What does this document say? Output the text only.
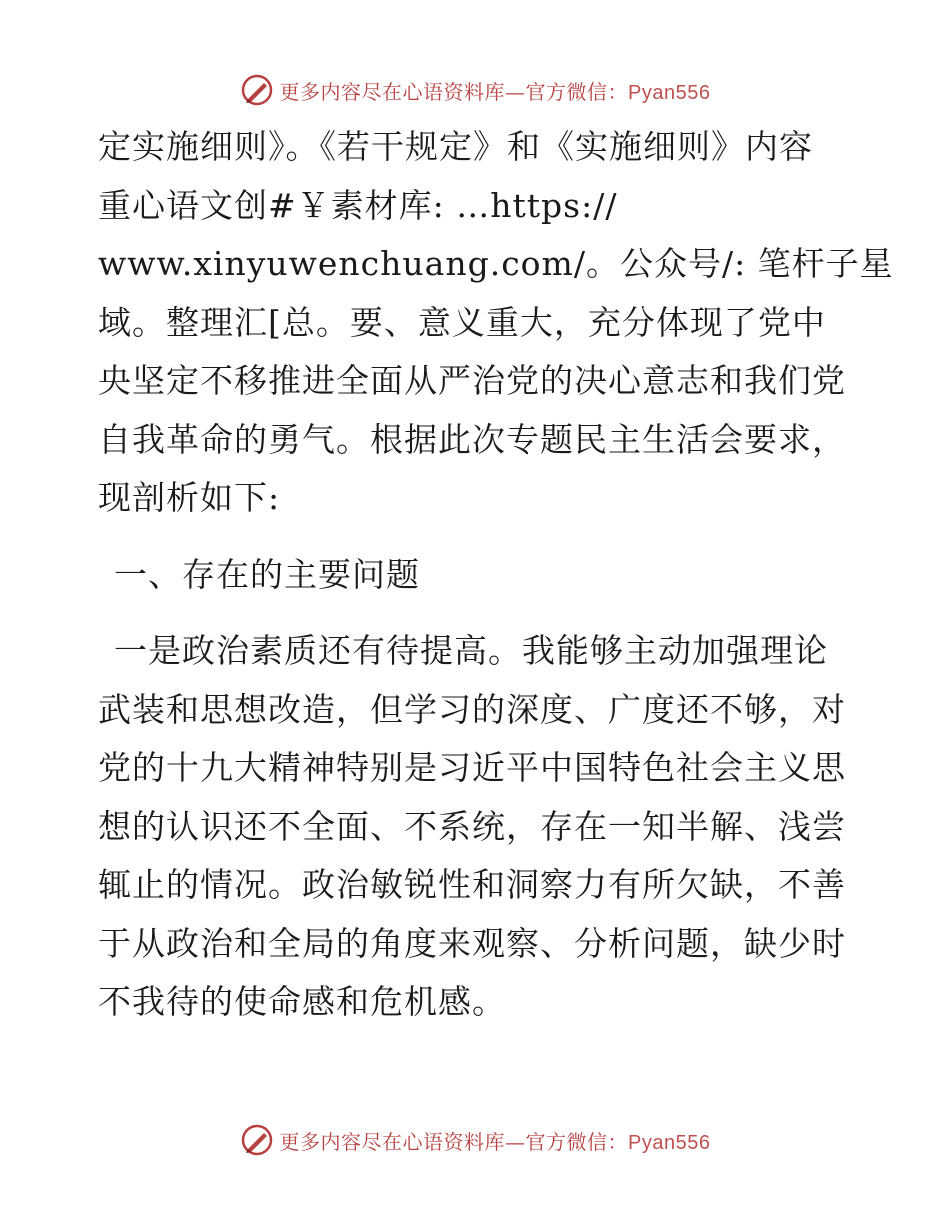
更多内容尽在心语资料库—官方微信：Pyan556
定实施细则》。《若干规定》和《实施细则》内容
重心语文创#￥素材库: …https://
www.xinyuwenchuang.com/。公众号/: 笔杆子星
域。整理汇[总。要、意义重大，充分体现了党中
央坚定不移推进全面从严治党的决心意志和我们党
自我革命的勇气。根据此次专题民主生活会要求，
现剖析如下:
一、存在的主要问题
一是政治素质还有待提高。我能够主动加强理论
武装和思想改造，但学习的深度、广度还不够，对
党的十九大精神特别是习近平中国特色社会主义思
想的认识还不全面、不系统，存在一知半解、浅尝
辄止的情况。政治敏锐性和洞察力有所欠缺，不善
于从政治和全局的角度来观察、分析问题，缺少时
不我待的使命感和危机感。
更多内容尽在心语资料库—官方微信：Pyan556
